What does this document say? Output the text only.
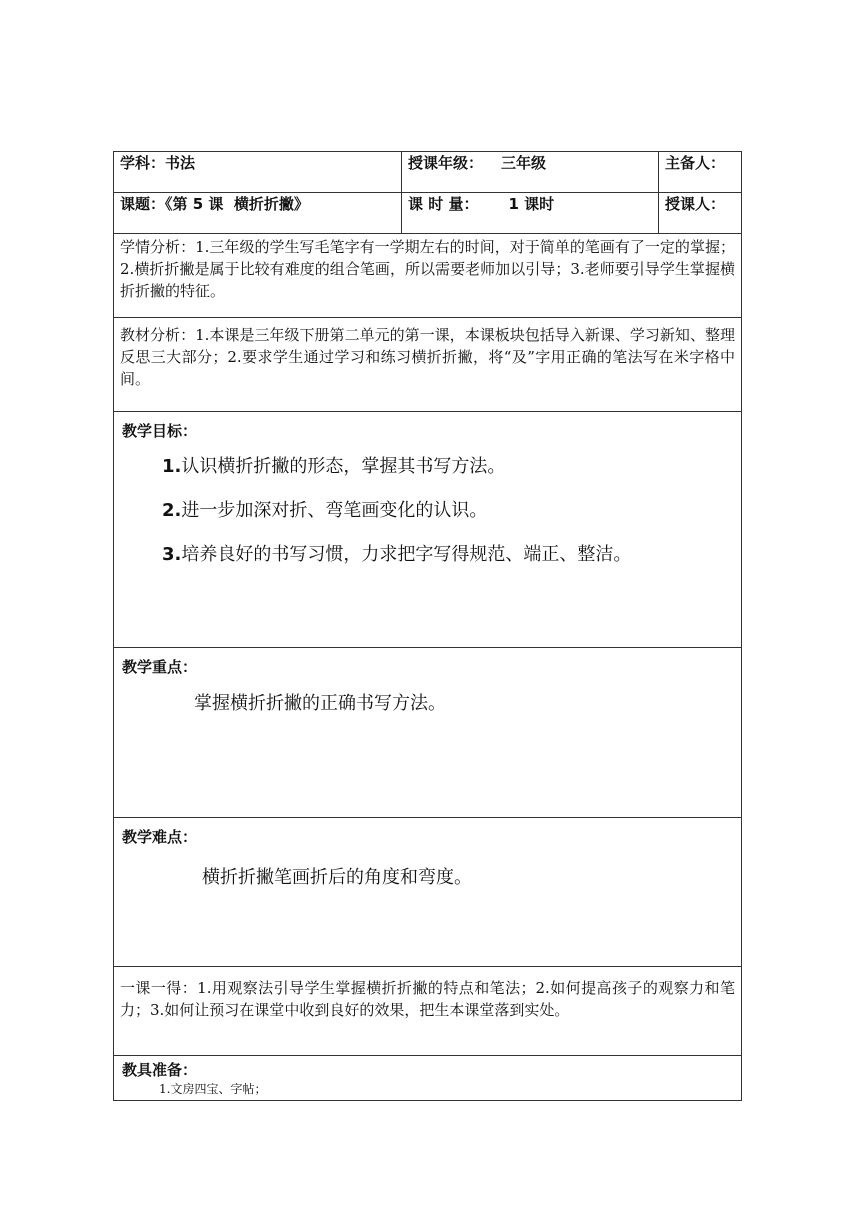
学科：书法	授课年级： 三年级	主备人：

课题：《第 5 课  横折折撇》	课 时 量： 1 课时	授课人：

学情分析：1.三年级的学生写毛笔字有一学期左右的时间，对于简单的笔画有了一定的掌握；2.横折折撇是属于比较有难度的组合笔画，所以需要老师加以引导；3.老师要引导学生掌握横折折撇的特征。		

教材分析：1.本课是三年级下册第二单元的第一课，本课板块包括导入新课、学习新知、整理反思三大部分；2.要求学生通过学习和练习横折折撇，将“及”字用正确的笔法写在米字格中间。		

教学目标：
1.认识横折折撇的形态，掌握其书写方法。
2.进一步加深对折、弯笔画变化的认识。
3.培养良好的书写习惯，力求把字写得规范、端正、整洁。		

教学重点：
掌握横折折撇的正确书写方法。		

教学难点：
横折折撇笔画折后的角度和弯度。		

一课一得：1.用观察法引导学生掌握横折折撇的特点和笔法；2.如何提高孩子的观察力和笔力；3.如何让预习在课堂中收到良好的效果，把生本课堂落到实处。		

教具准备：
1.文房四宝、字帖；		
